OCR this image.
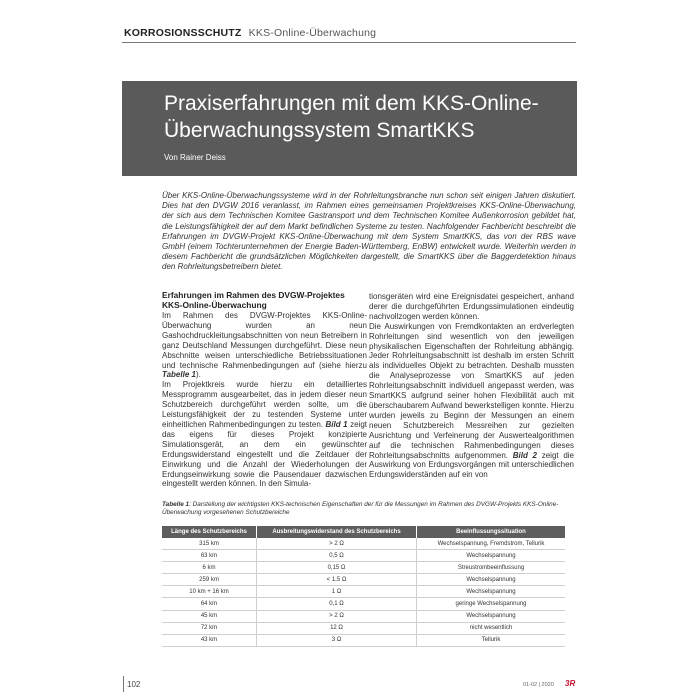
KORROSIONSSCHUTZ KKS-Online-Überwachung
Praxiserfahrungen mit dem KKS-Online-
Überwachungssystem SmartKKS
Von Rainer Deiss

Über KKS-Online-Überwachungssysteme wird in der Rohrleitungsbranche nun schon seit einigen Jahren diskutiert. Dies hat den DVGW 2016 veranlasst, im Rahmen eines gemeinsamen Projektkreises KKS-Online-Überwachung, der sich aus dem Technischen Komitee Gastransport und dem Technischen Komitee Außenkorrosion gebildet hat, die Leistungsfähigkeit der auf dem Markt befindlichen Systeme zu testen. Nachfolgender Fachbericht beschreibt die Erfahrungen im DVGW-Projekt KKS-Online-Überwachung mit dem System SmartKKS, das von der RBS wave GmbH (einem Tochterunternehmen der Energie Baden-Württemberg, EnBW) entwickelt wurde. Weiterhin werden in diesem Fachbericht die grundsätzlichen Möglichkeiten dargestellt, die SmartKKS über die Baggerdetektion hinaus den Rohrleitungsbetreibern bietet.

Erfahrungen im Rahmen des DVGW-Projektes KKS-Online-Überwachung

Im Rahmen des DVGW-Projektes KKS-Online-Überwachung wurden an neun Gashochdruckleitungsabschnitten von neun Betreibern in ganz Deutschland Messungen durchgeführt. Diese neun Abschnitte weisen unterschiedliche Betriebssituationen und technische Rahmenbedingungen auf (siehe hierzu Tabelle 1).

Im Projektkreis wurde hierzu ein detailliertes Messprogramm ausgearbeitet, das in jedem dieser neun Schutzbereich durchgeführt werden sollte, um die Leistungsfähigkeit der zu testenden Systeme unter einheitlichen Rahmenbedingungen zu testen. Bild 1 zeigt das eigens für dieses Projekt konzipierte Simulationsgerät, an dem ein gewünschter Erdungswiderstand eingestellt und die Zeitdauer der Einwirkung und die Anzahl der Wiederholungen der Erdungseinwirkung sowie die Pausendauer dazwischen eingestellt werden können. In den Simula-

tionsgeräten wird eine Ereignisdatei gespeichert, anhand derer die durchgeführten Erdungssimulationen eindeutig nachvollzogen werden können.

Die Auswirkungen von Fremdkontakten an erdverlegten Rohrleitungen sind wesentlich von den jeweiligen physikalischen Eigenschaften der Rohrleitung abhängig. Jeder Rohrleitungsabschnitt ist deshalb im ersten Schritt als individuelles Objekt zu betrachten. Deshalb mussten die Analyseprozesse von SmartKKS auf jeden Rohrleitungsabschnitt individuell angepasst werden, was SmartKKS aufgrund seiner hohen Flexibilität auch mit überschaubarem Aufwand bewerkstelligen konnte. Hierzu wurden jeweils zu Beginn der Messungen an einem neuen Schutzbereich Messreihen zur gezielten Ausrichtung und Verfeinerung der Auswertealgorithmen auf die technischen Rahmenbedingungen dieses Rohrleitungsabschnitts aufgenommen. Bild 2 zeigt die Auswirkung von Erdungsvorgängen mit unterschiedlichen Erdungswiderständen auf ein von

Tabelle 1: Darstellung der wichtigsten KKS-technischen Eigenschaften der für die Messungen im Rahmen des DVGW-Projekts KKS-Online-Überwachung vorgesehenen Schutzbereiche

Länge des Schutzbereichs	Ausbreitungswiderstand des Schutzbereichs	Beeinflussungssituation
315 km	> 2 Ω	Wechselspannung, Fremdstrom, Tellurik
63 km	0,5 Ω	Wechselspannung
6 km	0,15 Ω	Streustrombeeinflussung
259 km	< 1,5 Ω	Wechselspannung
10 km + 16 km	1 Ω	Wechselspannung
64 km	0,1 Ω	geringe Wechselspannung
45 km	> 2 Ω	Wechselspannung
72 km	12 Ω	nicht wesentlich
43 km	3 Ω	Tellurik
102	01-02 | 2020 3R
